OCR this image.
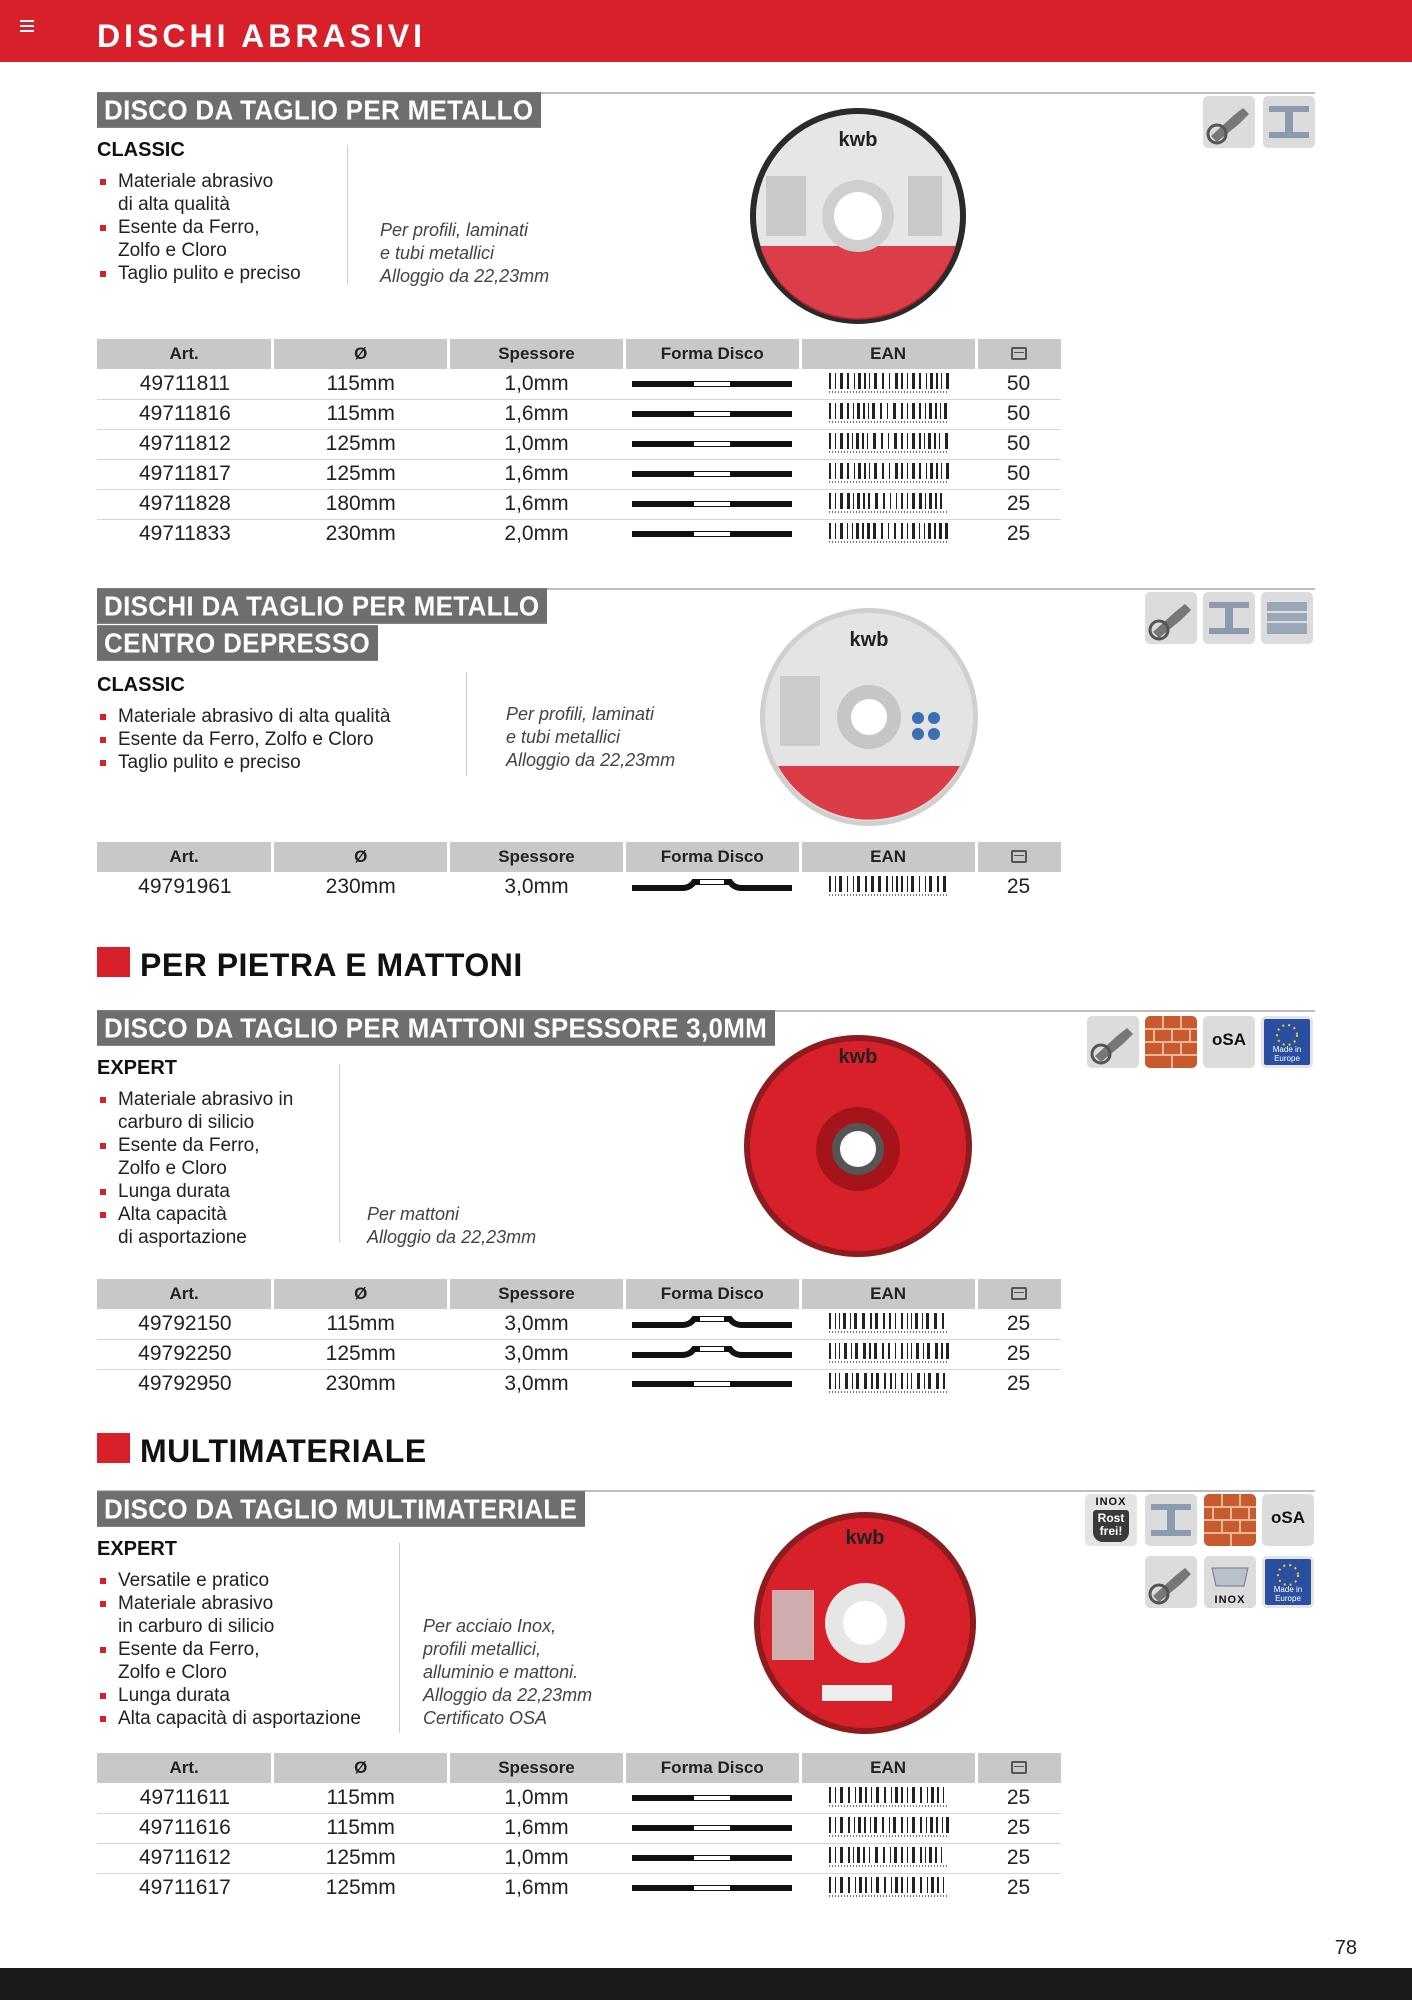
DISCHI ABRASIVI
DISCO DA TAGLIO PER METALLO
CLASSIC
Materiale abrasivo
di alta qualità
Esente da Ferro,
Zolfo e Cloro
Taglio pulito e preciso
Per profili, laminati
e tubi metallici
Alloggio da 22,23mm
kwb
Art.	Ø	Spessore	Forma Disco	EAN	
49711811	115mm	1,0mm			50
49711816	115mm	1,6mm			50
49711812	125mm	1,0mm			50
49711817	125mm	1,6mm			50
49711828	180mm	1,6mm			25
49711833	230mm	2,0mm			25
DISCHI DA TAGLIO PER METALLO
CENTRO DEPRESSO
CLASSIC
Materiale abrasivo di alta qualità
Esente da Ferro, Zolfo e Cloro
Taglio pulito e preciso
Per profili, laminati
e tubi metallici
Alloggio da 22,23mm
kwb
Art.	Ø	Spessore	Forma Disco	EAN	
49791961	230mm	3,0mm			25
PER PIETRA E MATTONI
DISCO DA TAGLIO PER MATTONI SPESSORE 3,0MM
EXPERT
Materiale abrasivo in
carburo di silicio
Esente da Ferro,
Zolfo e Cloro
Lunga durata
Alta capacità
di asportazione
Per mattoni
Alloggio da 22,23mm
kwb
oSA
Made in Europe
Art.	Ø	Spessore	Forma Disco	EAN	
49792150	115mm	3,0mm			25
49792250	125mm	3,0mm			25
49792950	230mm	3,0mm			25
MULTIMATERIALE
DISCO DA TAGLIO MULTIMATERIALE
EXPERT
Versatile e pratico
Materiale abrasivo
in carburo di silicio
Esente da Ferro,
Zolfo e Cloro
Lunga durata
Alta capacità di asportazione
Per acciaio Inox,
profili metallici,
alluminio e mattoni.
Alloggio da 22,23mm
Certificato OSA
kwb
INOX
Rost
frei!
oSA
INOX
Made in Europe
Art.	Ø	Spessore	Forma Disco	EAN	
49711611	115mm	1,0mm			25
49711616	115mm	1,6mm			25
49711612	125mm	1,0mm			25
49711617	125mm	1,6mm			25
78
